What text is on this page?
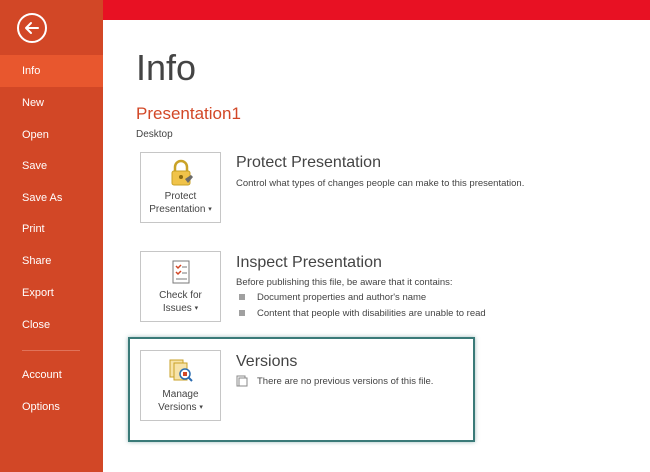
Info
New
Open
Save
Save As
Print
Share
Export
Close
Account
Options
Info
Presentation1
Desktop
Protect
Presentation ▾
Protect Presentation
Control what types of changes people can make to this presentation.
Check for
Issues ▾
Inspect Presentation
Before publishing this file, be aware that it contains:
Document properties and author's name
Content that people with disabilities are unable to read
Manage
Versions ▾
Versions
There are no previous versions of this file.
